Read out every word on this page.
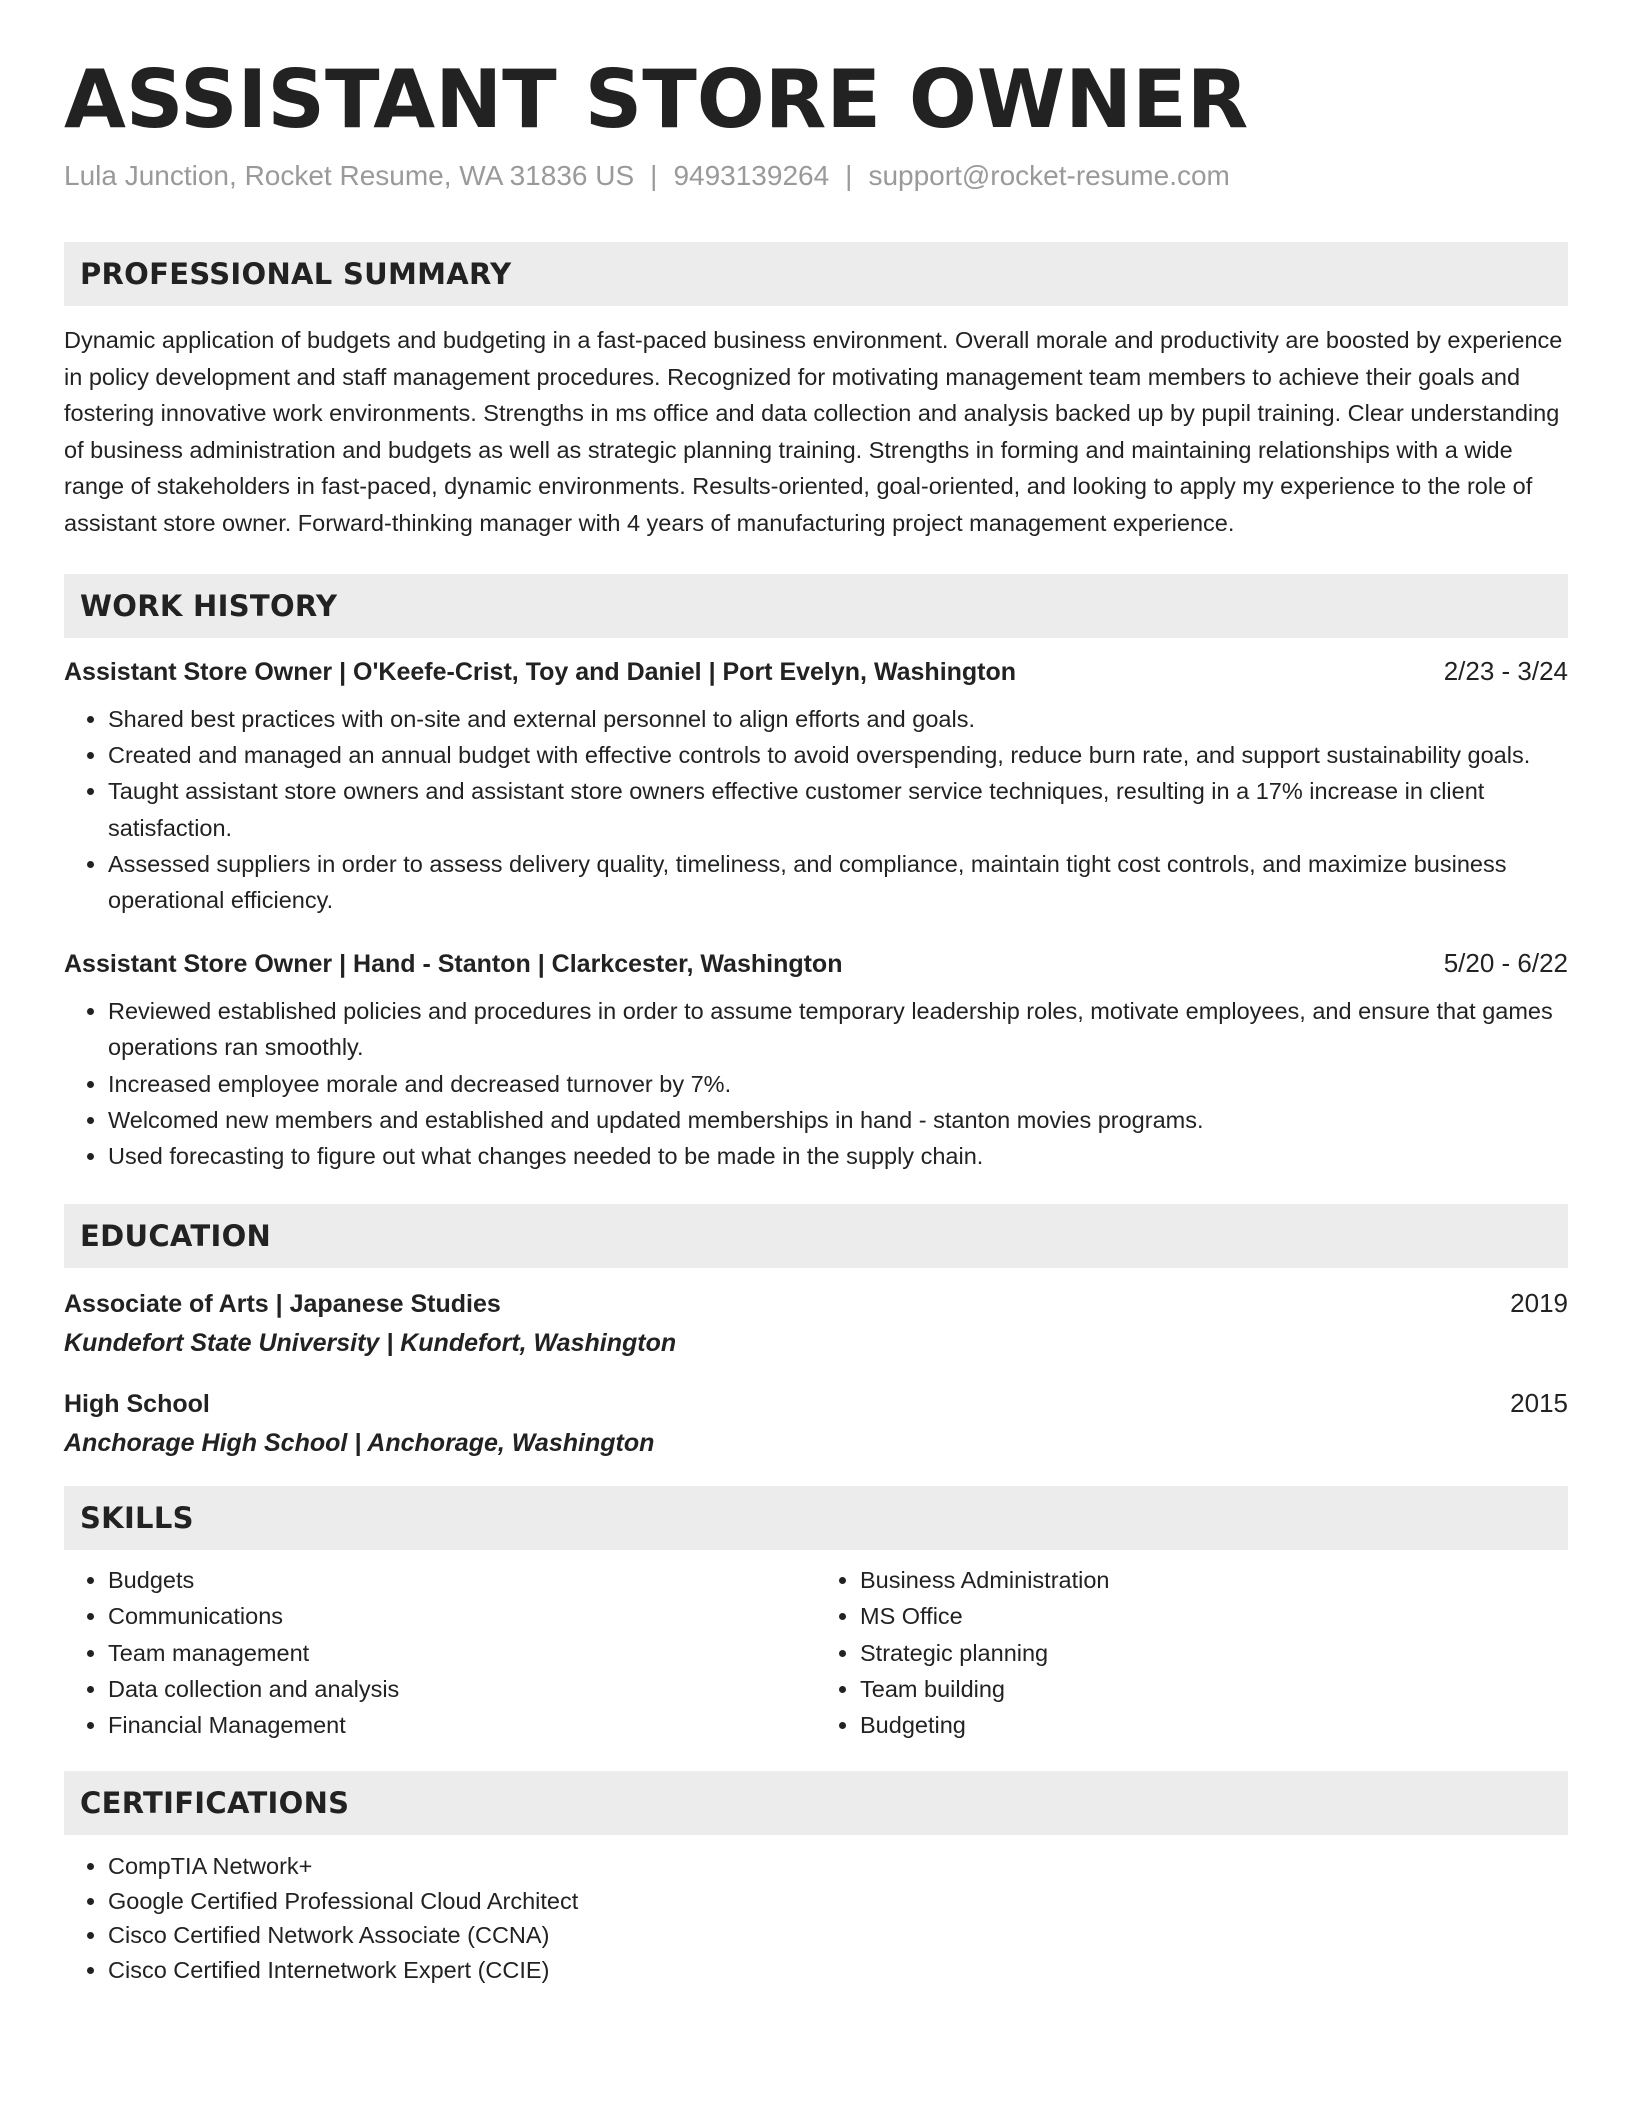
ASSISTANT STORE OWNER
Lula Junction, Rocket Resume, WA 31836 US | 9493139264 | support@rocket-resume.com
PROFESSIONAL SUMMARY
Dynamic application of budgets and budgeting in a fast-paced business environment. Overall morale and productivity are boosted by experience in policy development and staff management procedures. Recognized for motivating management team members to achieve their goals and fostering innovative work environments. Strengths in ms office and data collection and analysis backed up by pupil training. Clear understanding of business administration and budgets as well as strategic planning training. Strengths in forming and maintaining relationships with a wide range of stakeholders in fast-paced, dynamic environments. Results-oriented, goal-oriented, and looking to apply my experience to the role of assistant store owner. Forward-thinking manager with 4 years of manufacturing project management experience.
WORK HISTORY
Assistant Store Owner | O'Keefe-Crist, Toy and Daniel | Port Evelyn, Washington	2/23 - 3/24
• Shared best practices with on-site and external personnel to align efforts and goals.
• Created and managed an annual budget with effective controls to avoid overspending, reduce burn rate, and support sustainability goals.
• Taught assistant store owners and assistant store owners effective customer service techniques, resulting in a 17% increase in client satisfaction.
• Assessed suppliers in order to assess delivery quality, timeliness, and compliance, maintain tight cost controls, and maximize business operational efficiency.
Assistant Store Owner | Hand - Stanton | Clarkcester, Washington	5/20 - 6/22
• Reviewed established policies and procedures in order to assume temporary leadership roles, motivate employees, and ensure that games operations ran smoothly.
• Increased employee morale and decreased turnover by 7%.
• Welcomed new members and established and updated memberships in hand - stanton movies programs.
• Used forecasting to figure out what changes needed to be made in the supply chain.
EDUCATION
Associate of Arts | Japanese Studies	2019
Kundefort State University | Kundefort, Washington
High School	2015
Anchorage High School | Anchorage, Washington
SKILLS
• Budgets
• Communications
• Team management
• Data collection and analysis
• Financial Management
• Business Administration
• MS Office
• Strategic planning
• Team building
• Budgeting
CERTIFICATIONS
• CompTIA Network+
• Google Certified Professional Cloud Architect
• Cisco Certified Network Associate (CCNA)
• Cisco Certified Internetwork Expert (CCIE)
